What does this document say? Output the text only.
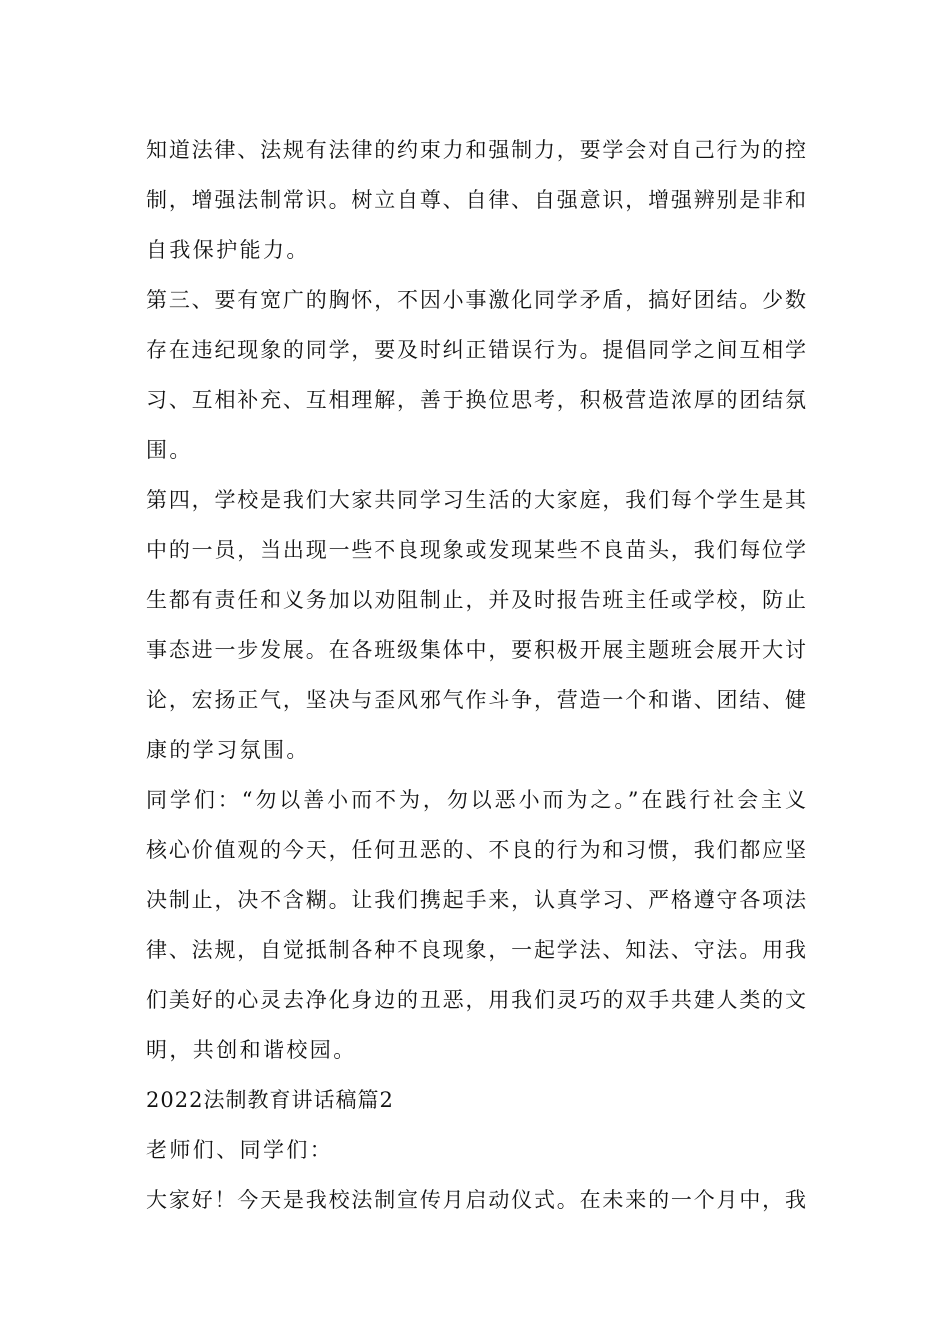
知道法律、法规有法律的约束力和强制力，要学会对自己行为的控
制，增强法制常识。树立自尊、自律、自强意识，增强辨别是非和
自我保护能力。
第三、要有宽广的胸怀，不因小事激化同学矛盾，搞好团结。少数
存在违纪现象的同学，要及时纠正错误行为。提倡同学之间互相学
习、互相补充、互相理解，善于换位思考，积极营造浓厚的团结氛
围。
第四，学校是我们大家共同学习生活的大家庭，我们每个学生是其
中的一员，当出现一些不良现象或发现某些不良苗头，我们每位学
生都有责任和义务加以劝阻制止，并及时报告班主任或学校，防止
事态进一步发展。在各班级集体中，要积极开展主题班会展开大讨
论，宏扬正气，坚决与歪风邪气作斗争，营造一个和谐、团结、健
康的学习氛围。
同学们：“勿以善小而不为，勿以恶小而为之。”在践行社会主义
核心价值观的今天，任何丑恶的、不良的行为和习惯，我们都应坚
决制止，决不含糊。让我们携起手来，认真学习、严格遵守各项法
律、法规，自觉抵制各种不良现象，一起学法、知法、守法。用我
们美好的心灵去净化身边的丑恶，用我们灵巧的双手共建人类的文
明，共创和谐校园。
2022法制教育讲话稿篇2
老师们、同学们：
大家好！今天是我校法制宣传月启动仪式。在未来的一个月中，我
